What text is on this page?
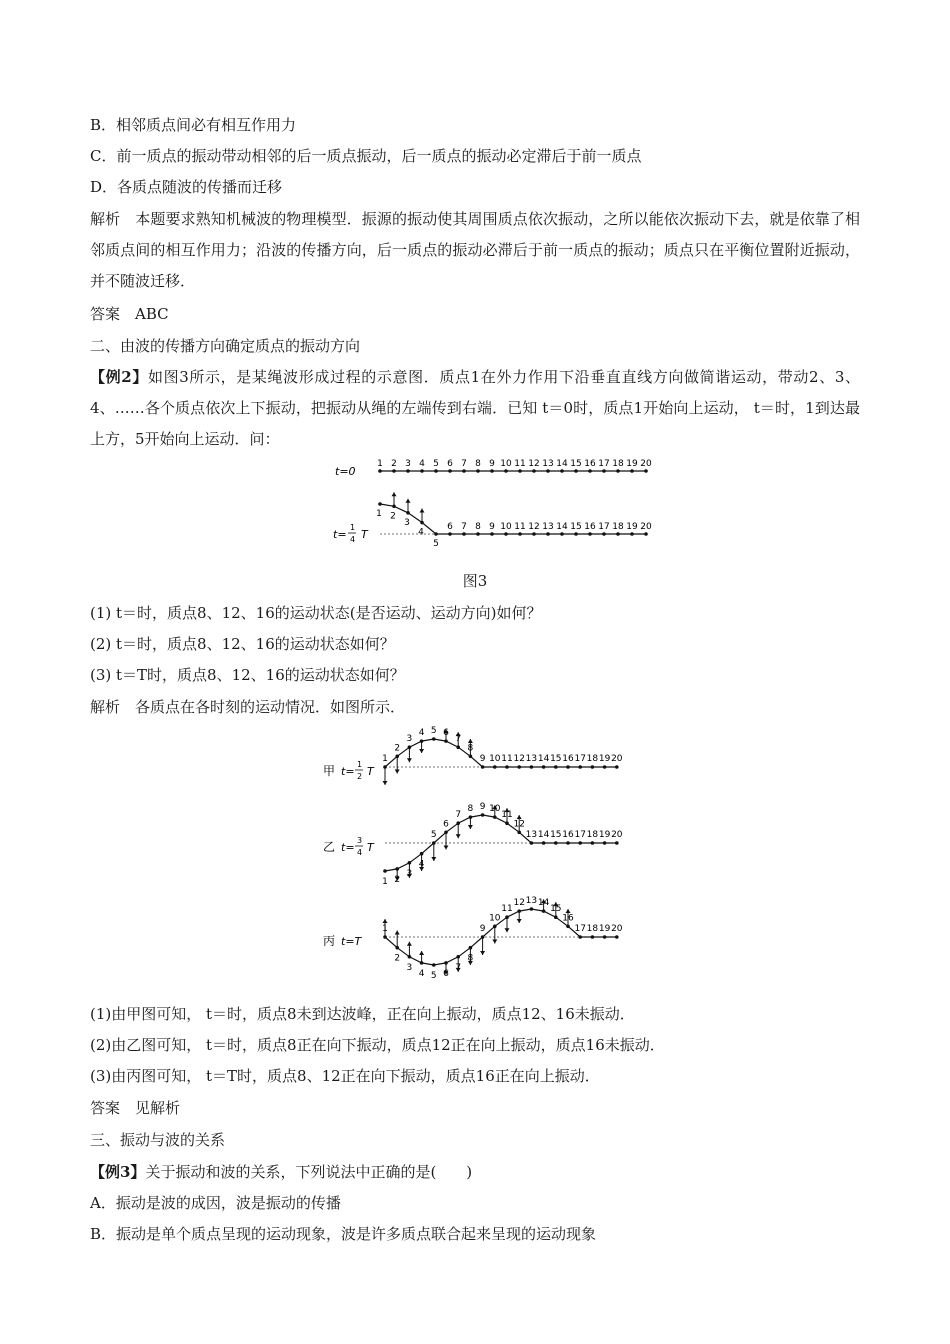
B．相邻质点间必有相互作用力
C．前一质点的振动带动相邻的后一质点振动，后一质点的振动必定滞后于前一质点
D．各质点随波的传播而迁移
解析　本题要求熟知机械波的物理模型．振源的振动使其周围质点依次振动，之所以能依次振动下去，就是依靠了相邻质点间的相互作用力；沿波的传播方向，后一质点的振动必滞后于前一质点的振动；质点只在平衡位置附近振动，并不随波迁移．
答案　ABC
二、由波的传播方向确定质点的振动方向
【例2】如图3所示，是某绳波形成过程的示意图．质点1在外力作用下沿垂直直线方向做简谐运动，带动2、3、4、……各个质点依次上下振动，把振动从绳的左端传到右端．已知 t＝0时，质点1开始向上运动， t＝时，1到达最上方，5开始向上运动．问：
t=0
1 2 3 4 5 6 7 8 9 10 11 12 13 14 15 16 17 18 19 20
1 2
3
4
5
6 7 8 9 10 11 12 13 14 15 16 17 18 19 20
t=
1
4 T
图3
(1) t＝时，质点8、12、16的运动状态(是否运动、运动方向)如何？
(2) t＝时，质点8、12、16的运动状态如何？
(3) t＝T时，质点8、12、16的运动状态如何？
解析　各质点在各时刻的运动情况．如图所示．
1
2
3
4 5 6
7
8
9 10 11 12 13 14 15 16 17 18 19 20
1 2
3
4
5
6
7
8 9 10
11
12
13 14 15 16 17 18 19 20
1
2
3
4 5 6
7
8
9
10
11
12 13 14
15
16
17 18 19 20
甲 t=
1
2 T
乙 t=
3
4 T
丙 t=T
(1)由甲图可知， t＝时，质点8未到达波峰，正在向上振动，质点12、16未振动．
(2)由乙图可知， t＝时，质点8正在向下振动，质点12正在向上振动，质点16未振动．
(3)由丙图可知， t＝T时，质点8、12正在向下振动，质点16正在向上振动．
答案　见解析
三、振动与波的关系
【例3】关于振动和波的关系，下列说法中正确的是(　　)
A．振动是波的成因，波是振动的传播
B．振动是单个质点呈现的运动现象，波是许多质点联合起来呈现的运动现象
